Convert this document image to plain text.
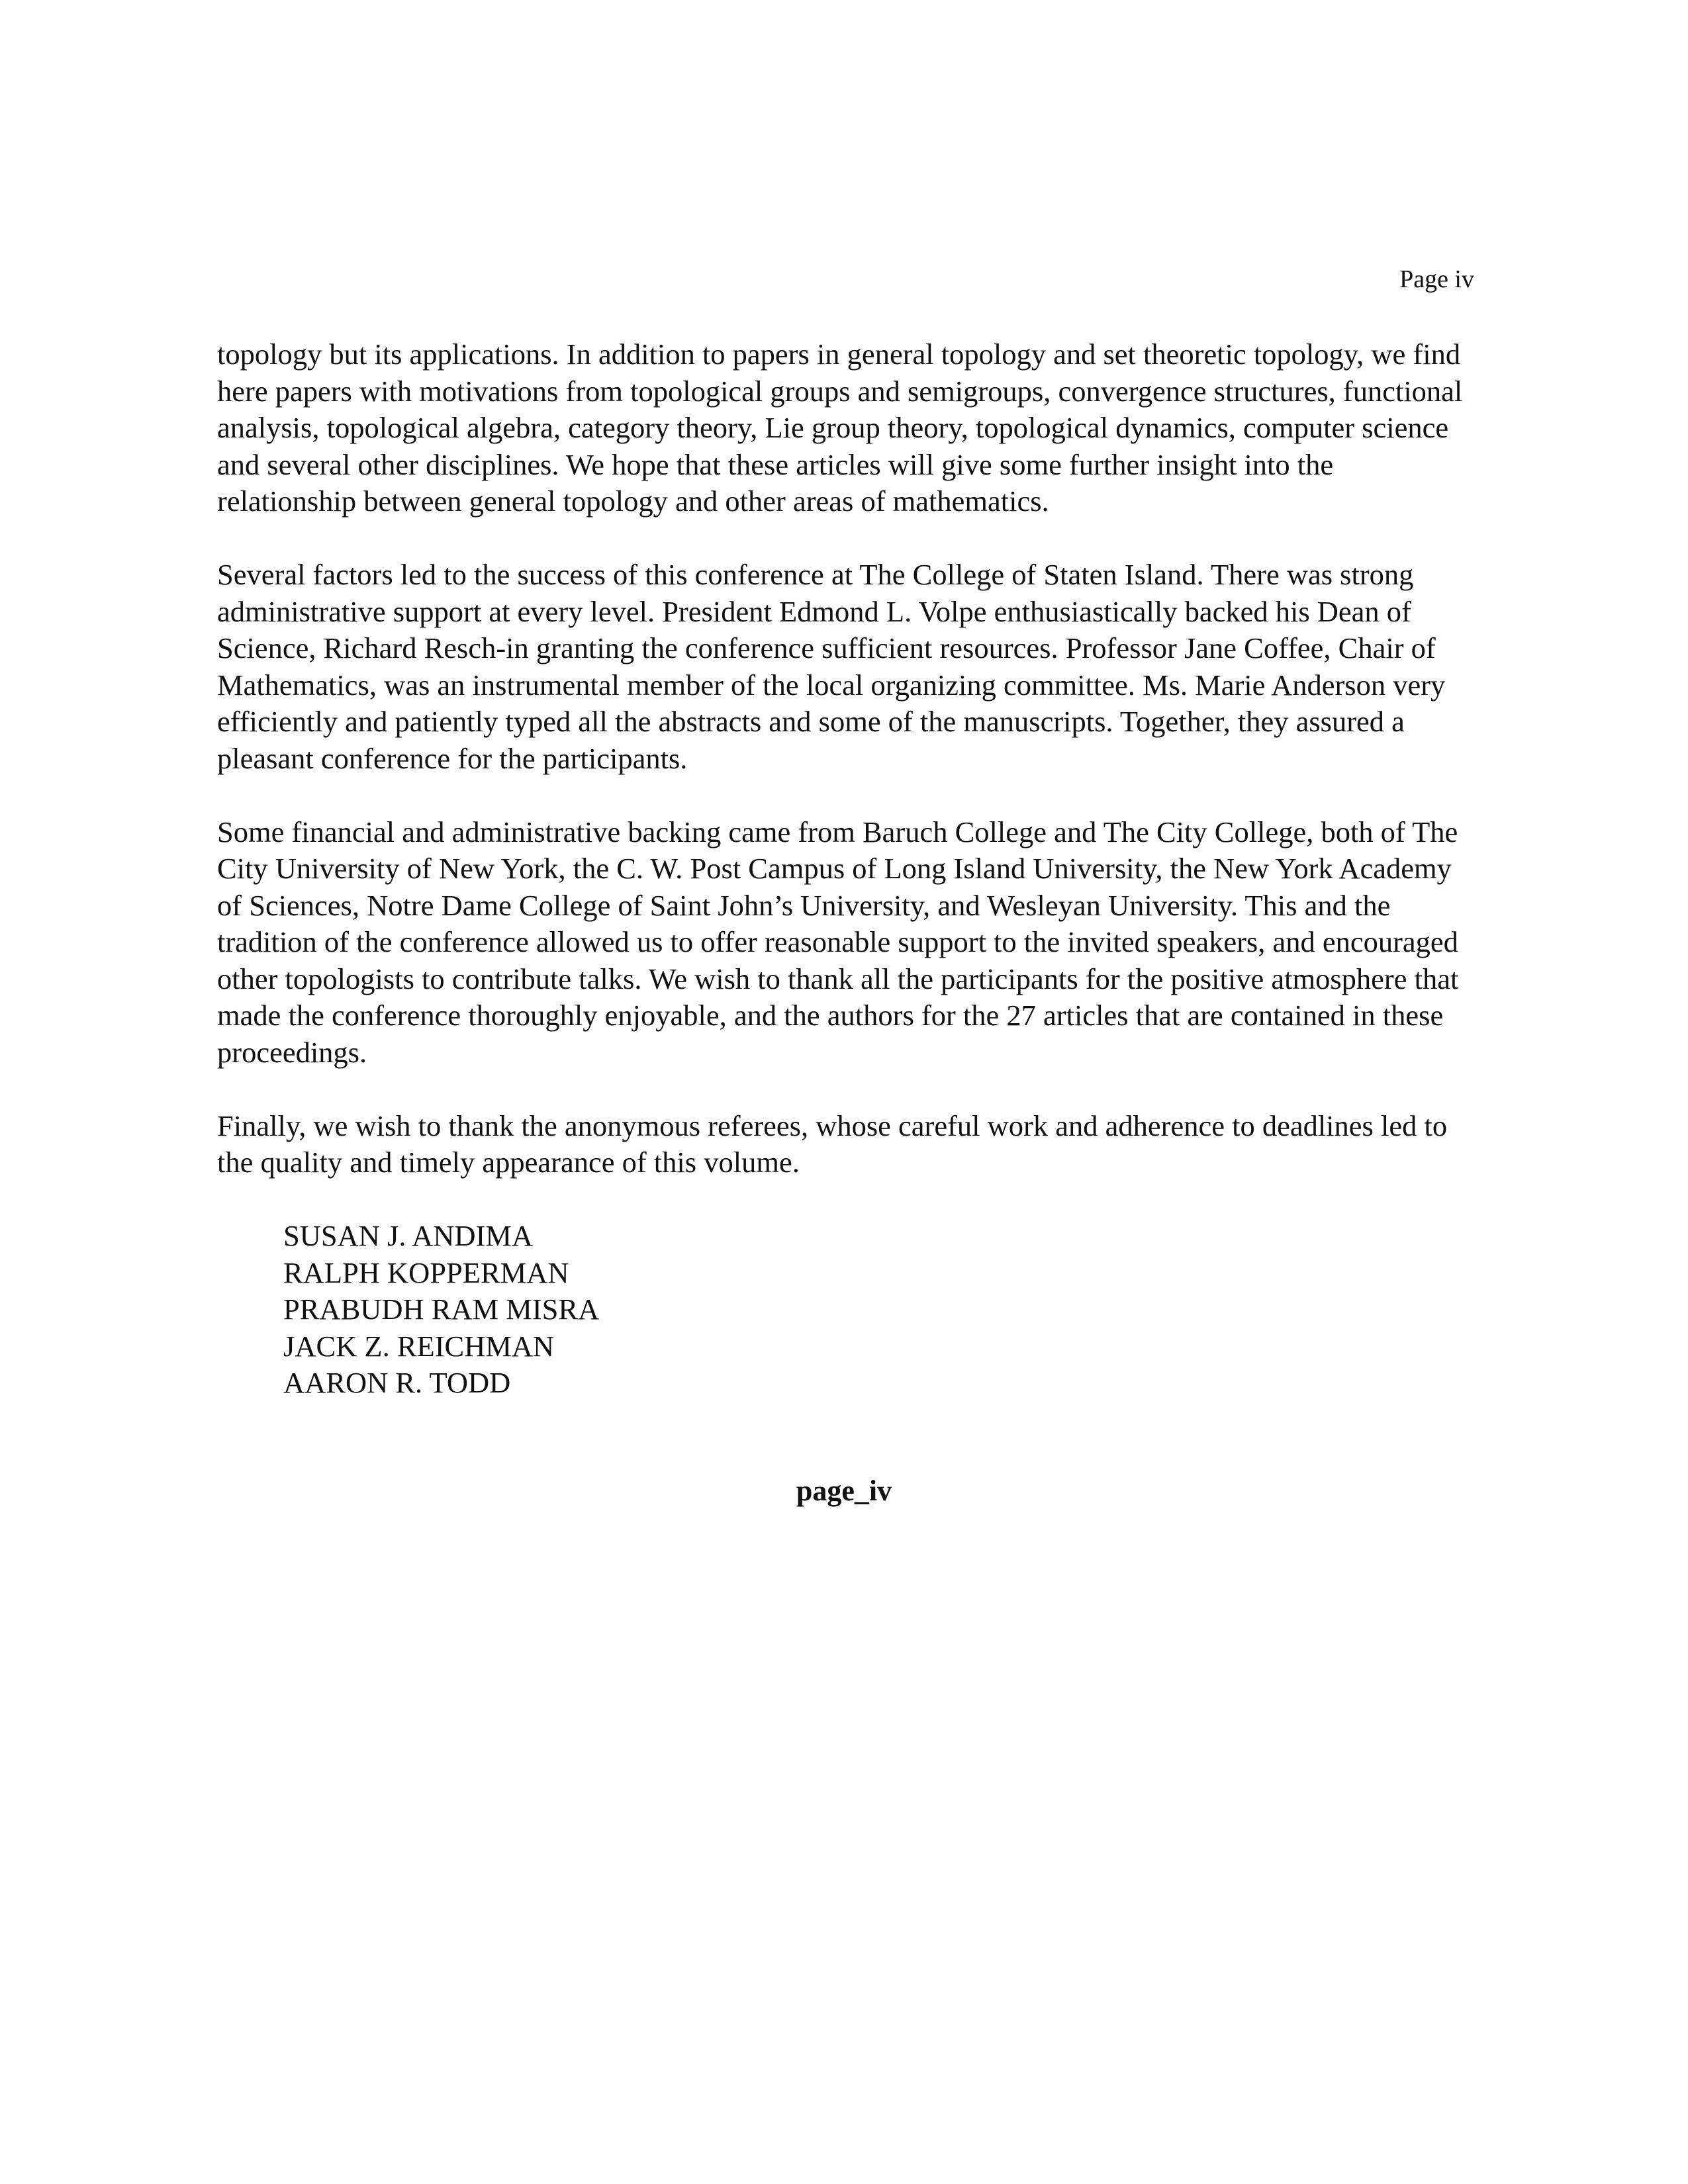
Page iv

topology but its applications. In addition to papers in general topology and set theoretic topology, we find here papers with motivations from topological groups and semigroups, convergence structures, functional analysis, topological algebra, category theory, Lie group theory, topological dynamics, computer science and several other disciplines. We hope that these articles will give some further insight into the relationship between general topology and other areas of mathematics.

Several factors led to the success of this conference at The College of Staten Island. There was strong administrative support at every level. President Edmond L. Volpe enthusiastically backed his Dean of Science, Richard Resch-in granting the conference sufficient resources. Professor Jane Coffee, Chair of Mathematics, was an instrumental member of the local organizing committee. Ms. Marie Anderson very efficiently and patiently typed all the abstracts and some of the manuscripts. Together, they assured a pleasant conference for the participants.

Some financial and administrative backing came from Baruch College and The City College, both of The City University of New York, the C. W. Post Campus of Long Island University, the New York Academy of Sciences, Notre Dame College of Saint John’s University, and Wesleyan University. This and the tradition of the conference allowed us to offer reasonable support to the invited speakers, and encouraged other topologists to contribute talks. We wish to thank all the participants for the positive atmosphere that made the conference thoroughly enjoyable, and the authors for the 27 articles that are contained in these proceedings.

Finally, we wish to thank the anonymous referees, whose careful work and adherence to deadlines led to the quality and timely appearance of this volume.

SUSAN J. ANDIMA
RALPH KOPPERMAN
PRABUDH RAM MISRA
JACK Z. REICHMAN
AARON R. TODD
page_iv
